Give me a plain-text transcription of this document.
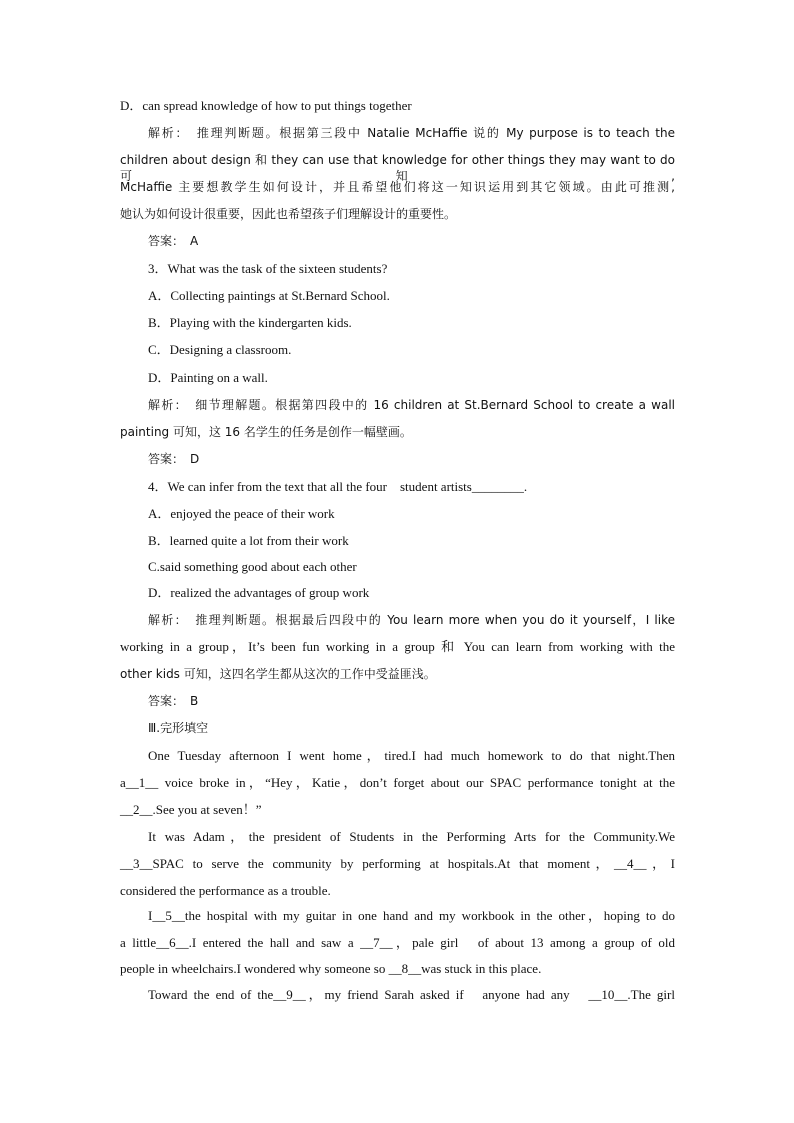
D．can spread knowledge of how to put things together
解析：　推理判断题。根据第三段中 Natalie McHaffie 说的 My purpose is to teach the
children about design 和 they can use that knowledge for other things they may want to do 可知,
McHaffie 主要想教学生如何设计，并且希望他们将这一知识运用到其它领域。由此可推测,
她认为如何设计很重要，因此也希望孩子们理解设计的重要性。
答案：　A
3．What was the task of the sixteen students?
A．Collecting paintings at St.Bernard School.
B．Playing with the kindergarten kids.
C．Designing a classroom.
D．Painting on a wall.
解析：　细节理解题。根据第四段中的 16 children at St.Bernard School to create a wall
painting 可知，这 16 名学生的任务是创作一幅壁画。
答案：　D
4．We can infer from the text that all the four　student artists________.
A．enjoyed the peace of their work
B．learned quite a lot from their work
C.said something good about each other
D．realized the advantages of group work
解析：　推理判断题。根据最后四段中的 You learn more when you do it yourself，I like
working in a group，It’s been fun working in a group 和 You can learn from working with the
other kids 可知，这四名学生都从这次的工作中受益匪浅。
答案：　B
Ⅲ.完形填空
One Tuesday afternoon I went home，tired.I had much homework to do that night.Then
a__1__ voice broke in，“Hey，Katie，don’t forget about our SPAC performance tonight at the
__2__.See you at seven！”
It was Adam，the president of Students in the Performing Arts for the Community.We
__3__SPAC to serve the community by performing at hospitals.At that moment，__4__，I
considered the performance as a trouble.
I__5__the hospital with my guitar in one hand and my workbook in the other，hoping to do
a little__6__.I entered the hall and saw a __7__，pale girl　of about 13 among a group of old
people in wheelchairs.I wondered why someone so __8__was stuck in this place.
Toward the end of the__9__，my friend Sarah asked if　anyone had any　__10__.The girl
